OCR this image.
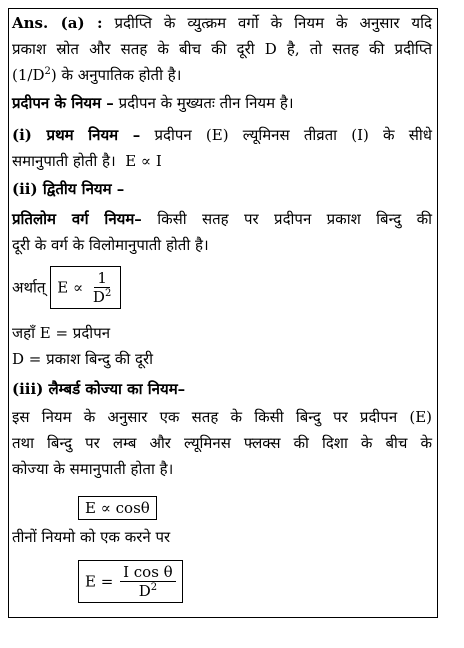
Ans. (a) : प्रदीप्ति के व्युत्क्रम वर्गो के नियम के अनुसार यदि
प्रकाश स्रोत और सतह के बीच की दूरी D है, तो सतह की प्रदीप्ति
$(1/D^2)$ के अनुपातिक होती है।
प्रदीपन के नियम – प्रदीपन के मुख्यतः तीन नियम है।
(i) प्रथम नियम – प्रदीपन (E) ल्यूमिनस तीव्रता (I) के सीधे
समानुपाती होती है। E ∝ I
(ii) द्वितीय नियम –
प्रतिलोम वर्ग नियम– किसी सतह पर प्रदीपन प्रकाश बिन्दु की
दूरी के वर्ग के विलोमानुपाती होती है।
अर्थात् $E \propto \frac{1}{D^2}$
जहाँ E = प्रदीपन
D = प्रकाश बिन्दु की दूरी
(iii) लैम्बर्ड कोज्या का नियम–
इस नियम के अनुसार एक सतह के किसी बिन्दु पर प्रदीपन (E)
तथा बिन्दु पर लम्ब और ल्यूमिनस फ्लक्स की दिशा के बीच के
कोज्या के समानुपाती होता है।
E ∝ cosθ
तीनों नियमो को एक करने पर
$E = \frac{\text{I cos θ}}{D^2}$
